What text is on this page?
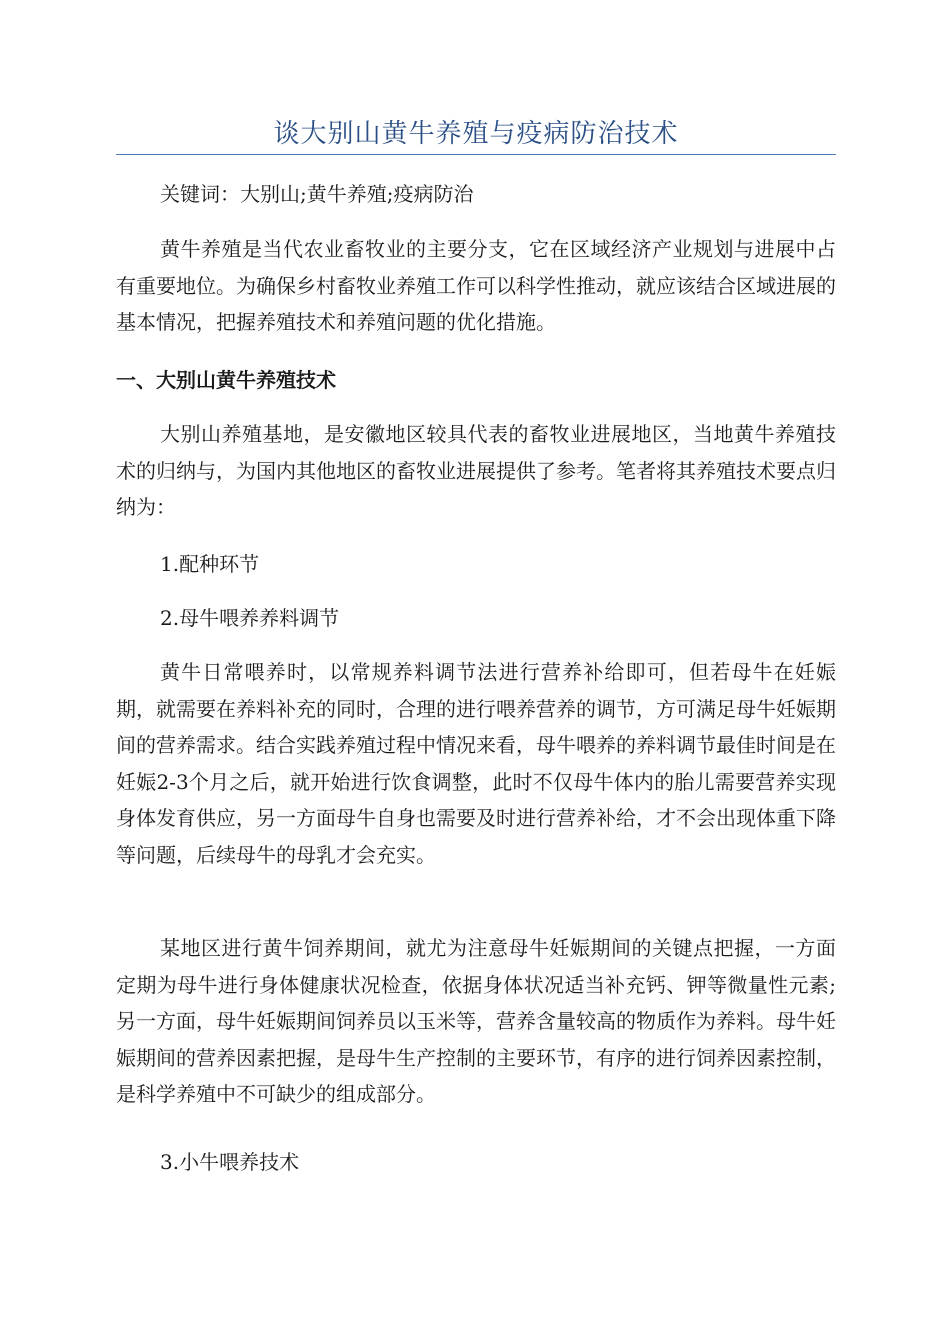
谈大别山黄牛养殖与疫病防治技术

关键词：大别山;黄牛养殖;疫病防治

黄牛养殖是当代农业畜牧业的主要分支，它在区域经济产业规划与进展中占有重要地位。为确保乡村畜牧业养殖工作可以科学性推动，就应该结合区域进展的基本情况，把握养殖技术和养殖问题的优化措施。

一、大别山黄牛养殖技术

大别山养殖基地，是安徽地区较具代表的畜牧业进展地区，当地黄牛养殖技术的归纳与，为国内其他地区的畜牧业进展提供了参考。笔者将其养殖技术要点归纳为：

1.配种环节

2.母牛喂养养料调节

黄牛日常喂养时，以常规养料调节法进行营养补给即可，但若母牛在妊娠期，就需要在养料补充的同时，合理的进行喂养营养的调节，方可满足母牛妊娠期间的营养需求。结合实践养殖过程中情况来看，母牛喂养的养料调节最佳时间是在妊娠2-3个月之后，就开始进行饮食调整，此时不仅母牛体内的胎儿需要营养实现身体发育供应，另一方面母牛自身也需要及时进行营养补给，才不会出现体重下降等问题，后续母牛的母乳才会充实。

某地区进行黄牛饲养期间，就尤为注意母牛妊娠期间的关键点把握，一方面定期为母牛进行身体健康状况检查，依据身体状况适当补充钙、钾等微量性元素;另一方面，母牛妊娠期间饲养员以玉米等，营养含量较高的物质作为养料。母牛妊娠期间的营养因素把握，是母牛生产控制的主要环节，有序的进行饲养因素控制，是科学养殖中不可缺少的组成部分。

3.小牛喂养技术
